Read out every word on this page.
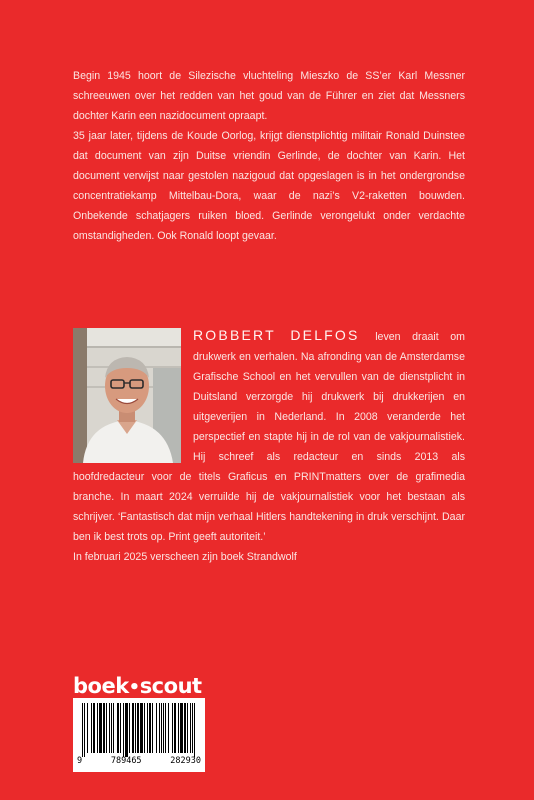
Begin 1945 hoort de Silezische vluchteling Mieszko de SS’er Karl Messner schreeuwen over het redden van het goud van de Führer en ziet dat Messners dochter Karin een nazidocument opraapt.

35 jaar later, tijdens de Koude Oorlog, krijgt dienstplichtig militair Ronald Duinstee dat document van zijn Duitse vriendin Gerlinde, de dochter van Karin. Het document verwijst naar gestolen nazigoud dat opgeslagen is in het ondergrondse concentratiekamp Mittelbau-Dora, waar de nazi’s V2-raketten bouwden. Onbekende schatjagers ruiken bloed. Gerlinde verongelukt onder verdachte omstandigheden. Ook Ronald loopt gevaar.

ROBBERT DELFOS leven draait om drukwerk en verhalen. Na afronding van de Amsterdamse Grafische School en het vervullen van de dienstplicht in Duitsland verzorgde hij drukwerk bij drukkerijen en uitgeverijen in Nederland. In 2008 veranderde het perspectief en stapte hij in de rol van de vakjournalistiek. Hij schreef als redacteur en sinds 2013 als hoofdredacteur voor de titels Graficus en PRINTmatters over de grafimedia branche. In maart 2024 verruilde hij de vakjournalistiek voor het bestaan als schrijver. ‘Fantastisch dat mijn verhaal Hitlers handtekening in druk verschijnt. Daar ben ik best trots op. Print geeft autoriteit.’

In februari 2025 verscheen zijn boek Strandwolf

boek•scout
9	789465	282930
